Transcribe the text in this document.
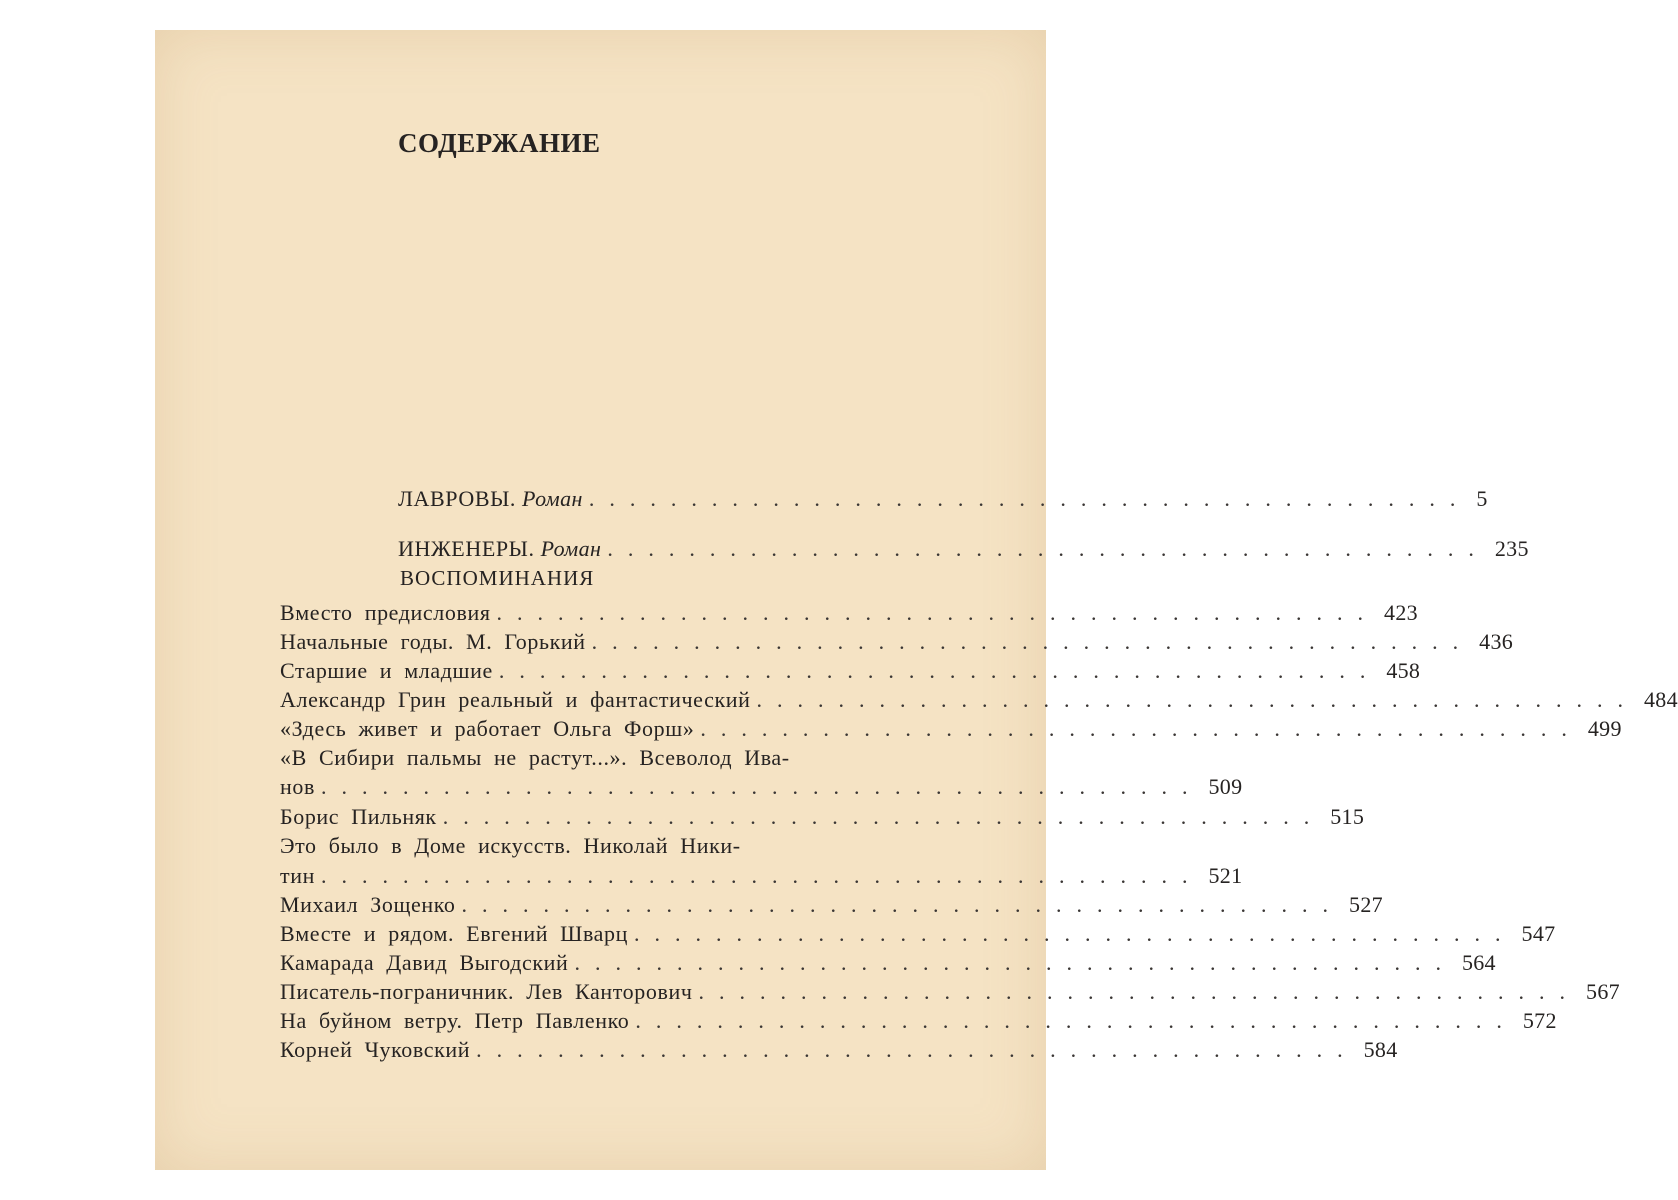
СОДЕРЖАНИЕ
ЛАВРОВЫ. Роман ........................................... 5
ИНЖЕНЕРЫ. Роман ........................................... 235
ВОСПОМИНАНИЯ
Вместо предисловия ........................................... 423
Начальные годы. М. Горький ........................................... 436
Старшие и младшие ........................................... 458
Александр Грин реальный и фантастический ........................................... 484
«Здесь живет и работает Ольга Форш» ........................................... 499
«В Сибири пальмы не растут...». Всеволод Ива-
нов ........................................... 509
Борис Пильняк ........................................... 515
Это было в Доме искусств. Николай Ники-
тин ........................................... 521
Михаил Зощенко ........................................... 527
Вместе и рядом. Евгений Шварц ........................................... 547
Камарада Давид Выгодский ........................................... 564
Писатель-пограничник. Лев Канторович ........................................... 567
На буйном ветру. Петр Павленко ........................................... 572
Корней Чуковский ........................................... 584
